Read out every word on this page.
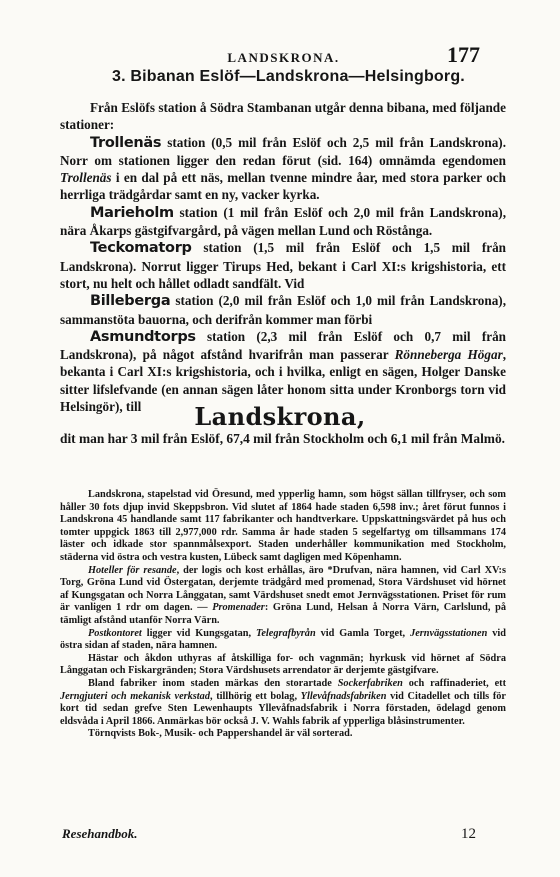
LANDSKRONA.	177
3. Bibanan Eslöf—Landskrona—Helsingborg.

Från Eslöfs station å Södra Stambanan utgår denna bibana, med följande stationer:

Trollenäs station (0,5 mil från Eslöf och 2,5 mil från Landskrona). Norr om stationen ligger den redan förut (sid. 164) omnämda egendomen Trollenäs i en dal på ett näs, mellan tvenne mindre åar, med stora parker och herrliga trädgårdar samt en ny, vacker kyrka.

Marieholm station (1 mil från Eslöf och 2,0 mil från Landskrona), nära Åkarps gästgifvargård, på vägen mellan Lund och Röstånga.

Teckomatorp station (1,5 mil från Eslöf och 1,5 mil från Landskrona). Norrut ligger Tirups Hed, bekant i Carl XI:s krigshistoria, ett stort, nu helt och hållet odladt sandfält. Vid

Billeberga station (2,0 mil från Eslöf och 1,0 mil från Landskrona), sammanstöta bauorna, och derifrån kommer man förbi

Asmundtorps station (2,3 mil från Eslöf och 0,7 mil från Landskrona), på något afstånd hvarifrån man passerar Rönneberga Högar, bekanta i Carl XI:s krigshistoria, och i hvilka, enligt en sägen, Holger Danske sitter lifslefvande (en annan sägen låter honom sitta under Kronborgs torn vid Helsingör), till	Landskrona,
dit man har 3 mil från Eslöf, 67,4 mil från Stockholm och 6,1 mil från Malmö.

Landskrona, stapelstad vid Öresund, med ypperlig hamn, som högst sällan tillfryser, och som håller 30 fots djup invid Skeppsbron. Vid slutet af 1864 hade staden 6,598 inv.; året förut funnos i Landskrona 45 handlande samt 117 fabrikanter och handtverkare. Uppskattningsvärdet på hus och tomter uppgick 1863 till 2,977,000 rdr. Samma år hade staden 5 segelfartyg om tillsammans 174 läster och idkade stor spannmålsexport. Staden underhåller kommunikation med Stockholm, städerna vid östra och vestra kusten, Lübeck samt dagligen med Köpenhamn.

Hoteller för resande, der logis och kost erhållas, äro *Drufvan, nära hamnen, vid Carl XV:s Torg, Gröna Lund vid Östergatan, derjemte trädgård med promenad, Stora Värdshuset vid hörnet af Kungsgatan och Norra Långgatan, samt Värdshuset snedt emot Jernvägsstationen. Priset för rum är vanligen 1 rdr om dagen. — Promenader: Gröna Lund, Helsan å Norra Värn, Carlslund, på tämligt afstånd utanför Norra Värn.

Postkontoret ligger vid Kungsgatan, Telegrafbyrån vid Gamla Torget, Jernvägsstationen vid östra sidan af staden, nära hamnen.

Hästar och åkdon uthyras af åtskilliga for- och vagnmän; hyrkusk vid hörnet af Södra Långgatan och Fiskargränden; Stora Värdshusets arrendator är derjemte gästgifvare.

Bland fabriker inom staden märkas den storartade Sockerfabriken och raffinaderiet, ett Jerngjuteri och mekanisk verkstad, tillhörig ett bolag, Yllevåfnadsfabriken vid Citadellet och tills för kort tid sedan grefve Sten Lewenhaupts Yllevåfnadsfabrik i Norra förstaden, ödelagd genom eldsvåda i April 1866. Anmärkas bör också J. V. Wahls fabrik af ypperliga blåsinstrumenter.

Törnqvists Bok-, Musik- och Pappershandel är väl sorterad.

Resehandbok.	12
